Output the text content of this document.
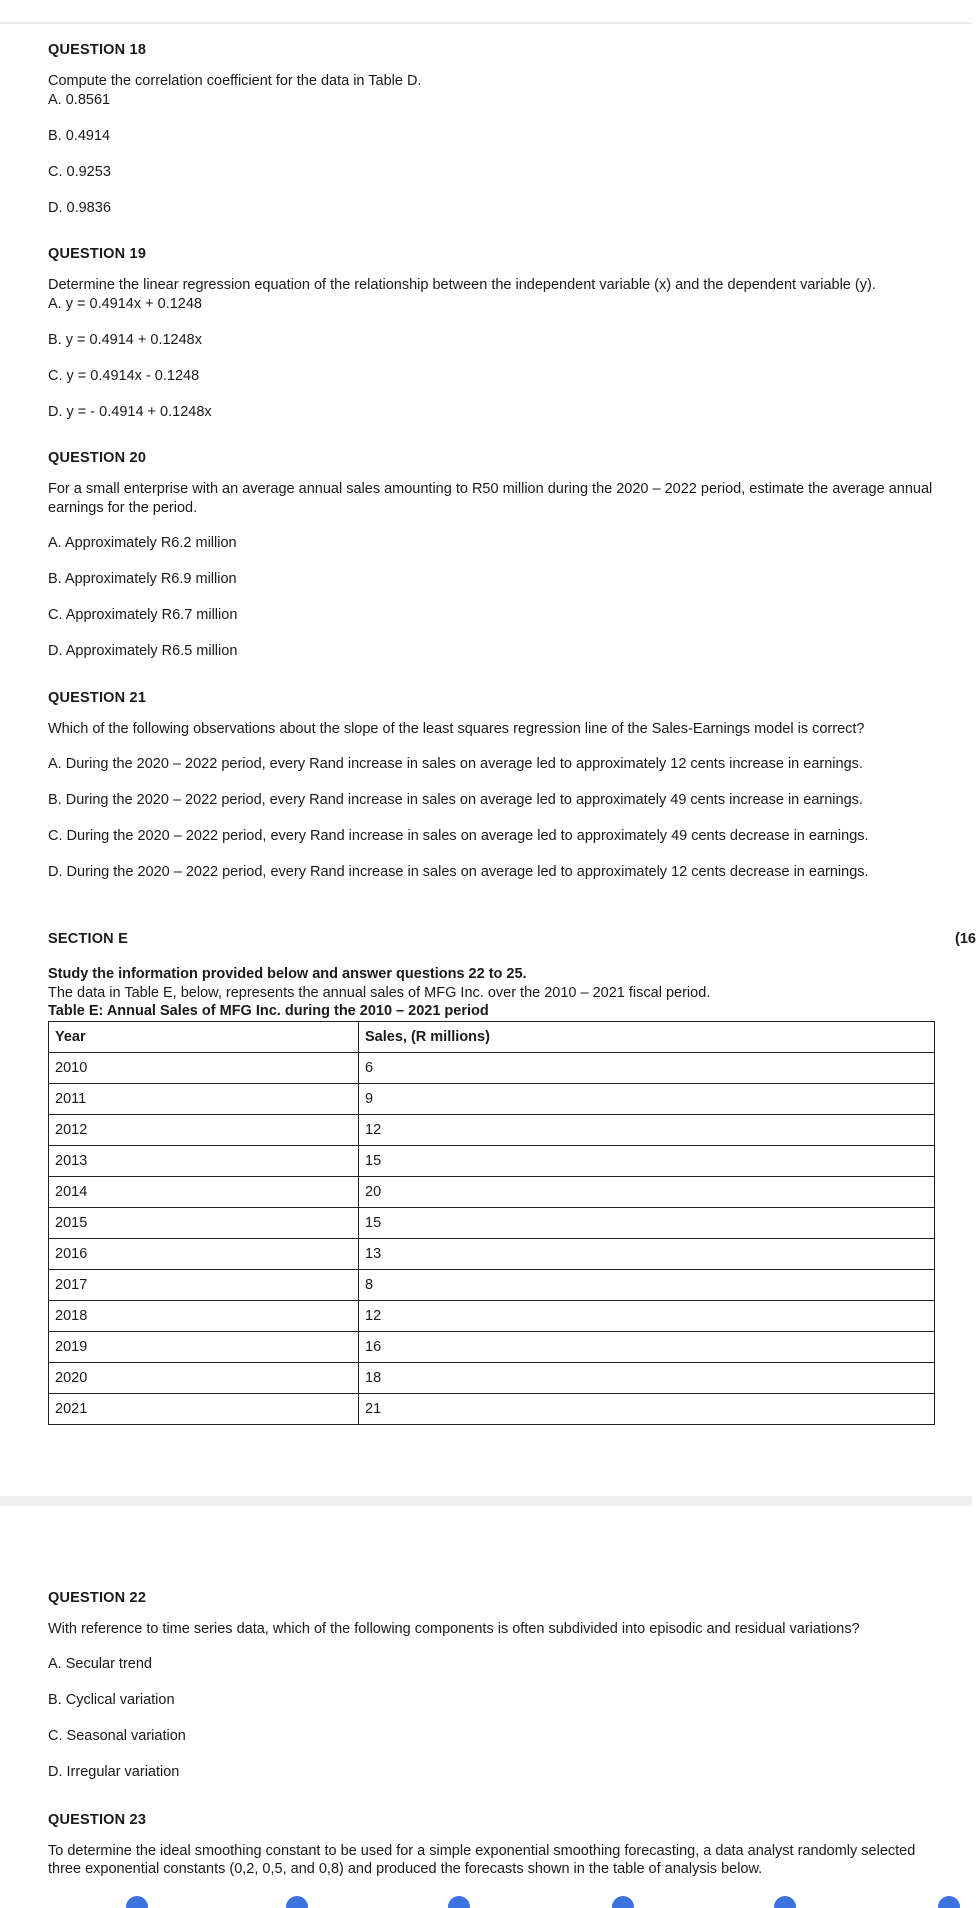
QUESTION 18

Compute the correlation coefficient for the data in Table D.

A. 0.8561

B. 0.4914

C. 0.9253

D. 0.9836

QUESTION 19

Determine the linear regression equation of the relationship between the independent variable (x) and the dependent variable (y).

A. y = 0.4914x + 0.1248

B. y = 0.4914 + 0.1248x

C. y = 0.4914x - 0.1248

D. y = - 0.4914 + 0.1248x

QUESTION 20

For a small enterprise with an average annual sales amounting to R50 million during the 2020 – 2022 period, estimate the average annual earnings for the period.

A. Approximately R6.2 million

B. Approximately R6.9 million

C. Approximately R6.7 million

D. Approximately R6.5 million

QUESTION 21

Which of the following observations about the slope of the least squares regression line of the Sales-Earnings model is correct?

A. During the 2020 – 2022 period, every Rand increase in sales on average led to approximately 12 cents increase in earnings.

B. During the 2020 – 2022 period, every Rand increase in sales on average led to approximately 49 cents increase in earnings.

C. During the 2020 – 2022 period, every Rand increase in sales on average led to approximately 49 cents decrease in earnings.

D. During the 2020 – 2022 period, every Rand increase in sales on average led to approximately 12 cents decrease in earnings.

SECTION E	(16

Study the information provided below and answer questions 22 to 25.

The data in Table E, below, represents the annual sales of MFG Inc. over the 2010 – 2021 fiscal period.

Table E: Annual Sales of MFG Inc. during the 2010 – 2021 period

Year	Sales, (R millions)
2010	6
2011	9
2012	12
2013	15
2014	20
2015	15
2016	13
2017	8
2018	12
2019	16
2020	18
2021	21

QUESTION 22

With reference to time series data, which of the following components is often subdivided into episodic and residual variations?

A. Secular trend

B. Cyclical variation

C. Seasonal variation

D. Irregular variation

QUESTION 23

To determine the ideal smoothing constant to be used for a simple exponential smoothing forecasting, a data analyst randomly selected three exponential constants (0,2, 0,5, and 0,8) and produced the forecasts shown in the table of analysis below.
